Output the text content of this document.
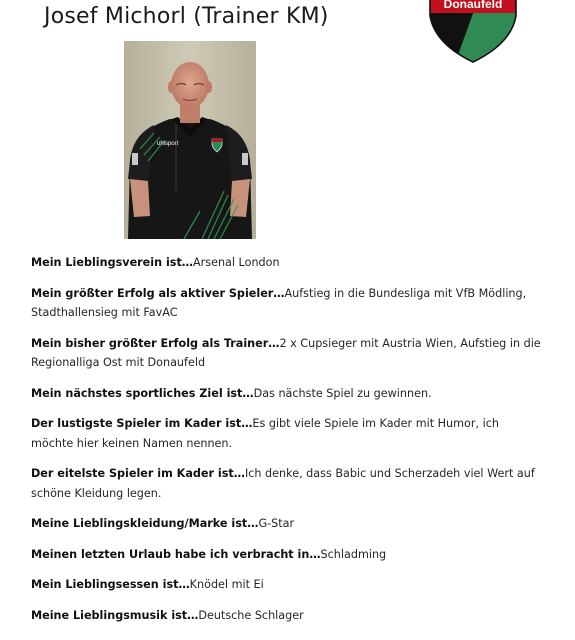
Josef Michorl (Trainer KM)	Donaufeld
uhlsport

Mein Lieblingsverein ist…Arsenal London

Mein größter Erfolg als aktiver Spieler…Aufstieg in die Bundesliga mit VfB Mödling, Stadthallensieg mit FavAC

Mein bisher größter Erfolg als Trainer…2 x Cupsieger mit Austria Wien, Aufstieg in die Regionalliga Ost mit Donaufeld

Mein nächstes sportliches Ziel ist…Das nächste Spiel zu gewinnen.

Der lustigste Spieler im Kader ist…Es gibt viele Spiele im Kader mit Humor, ich möchte hier keinen Namen nennen.

Der eitelste Spieler im Kader ist…Ich denke, dass Babic und Scherzadeh viel Wert auf schöne Kleidung legen.

Meine Lieblingskleidung/Marke ist…G-Star

Meinen letzten Urlaub habe ich verbracht in…Schladming

Mein Lieblingsessen ist…Knödel mit Ei

Meine Lieblingsmusik ist…Deutsche Schlager
